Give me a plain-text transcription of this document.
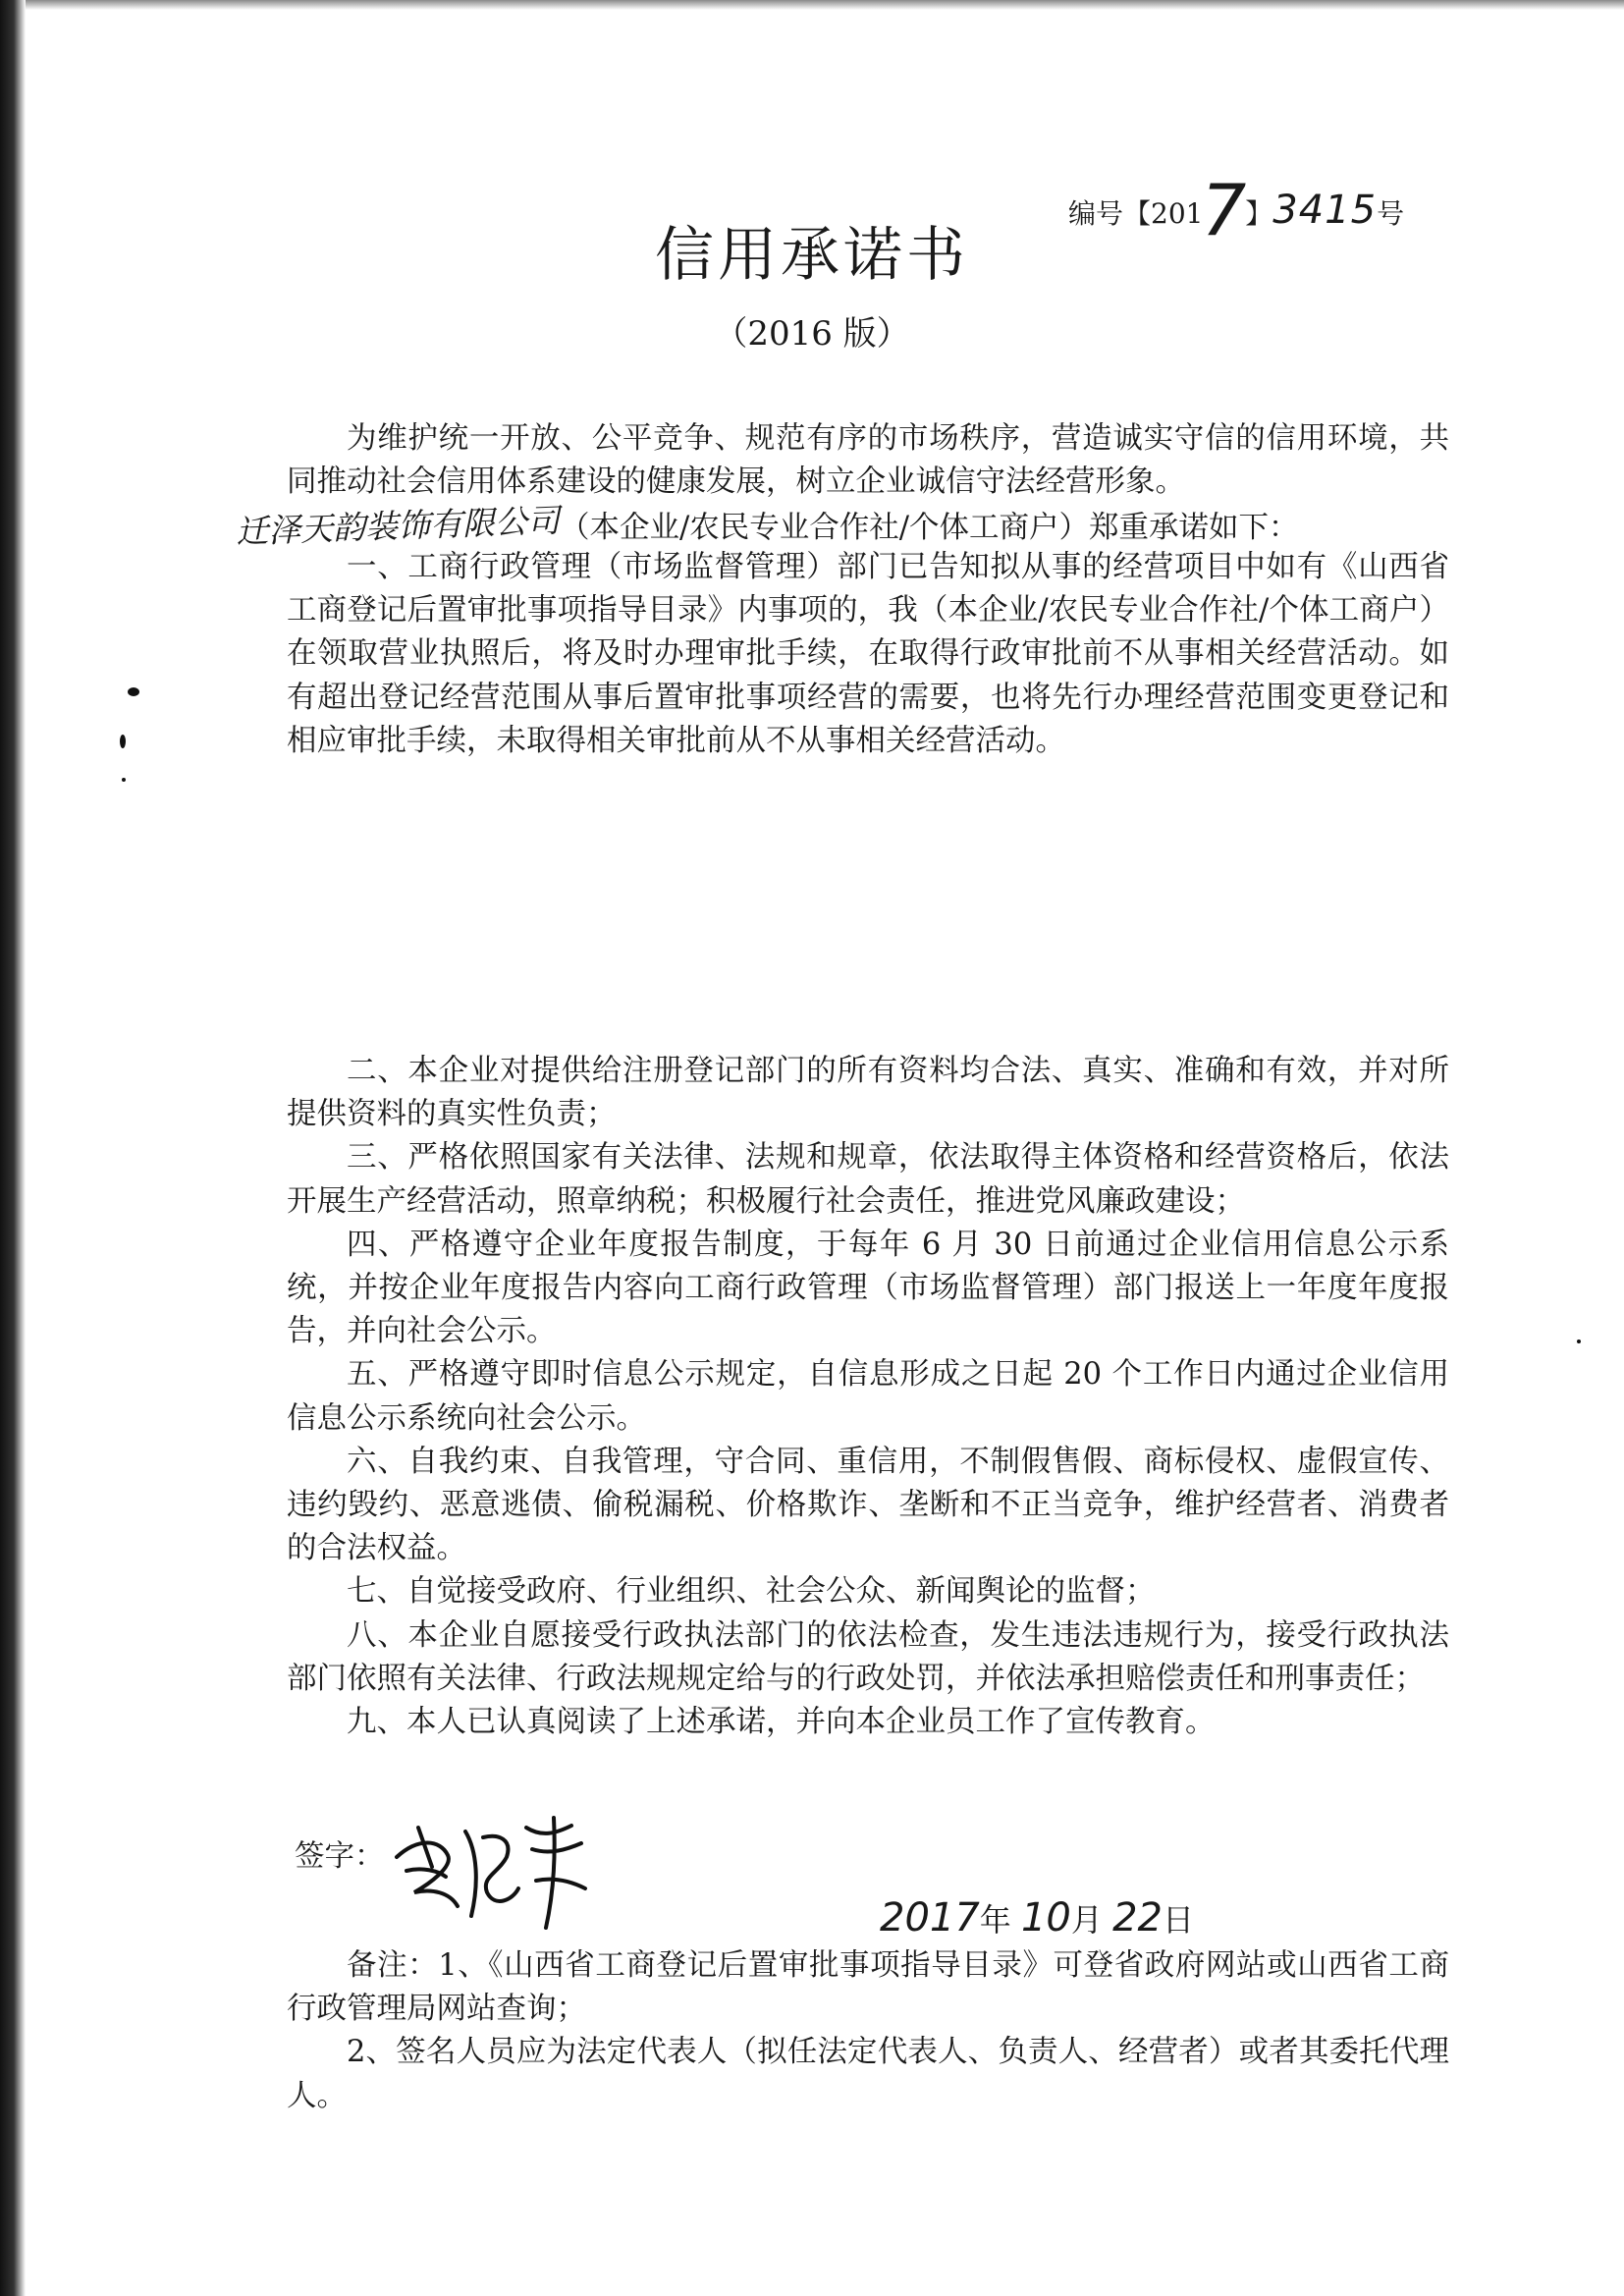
编号【2017】3415号
信用承诺书
（2016 版）

为维护统一开放、公平竞争、规范有序的市场秩序，营造诚实守信的信用环境，共同推动社会信用体系建设的健康发展，树立企业诚信守法经营形象。

迁泽天韵装饰有限公司（本企业/农民专业合作社/个体工商户）郑重承诺如下：

一、工商行政管理（市场监督管理）部门已告知拟从事的经营项目中如有《山西省工商登记后置审批事项指导目录》内事项的，我（本企业/农民专业合作社/个体工商户）在领取营业执照后，将及时办理审批手续，在取得行政审批前不从事相关经营活动。如有超出登记经营范围从事后置审批事项经营的需要，也将先行办理经营范围变更登记和相应审批手续，未取得相关审批前从不从事相关经营活动。

二、本企业对提供给注册登记部门的所有资料均合法、真实、准确和有效，并对所提供资料的真实性负责；

三、严格依照国家有关法律、法规和规章，依法取得主体资格和经营资格后，依法开展生产经营活动，照章纳税；积极履行社会责任，推进党风廉政建设；

四、严格遵守企业年度报告制度，于每年 6 月 30 日前通过企业信用信息公示系统，并按企业年度报告内容向工商行政管理（市场监督管理）部门报送上一年度年度报告，并向社会公示。

五、严格遵守即时信息公示规定，自信息形成之日起 20 个工作日内通过企业信用信息公示系统向社会公示。

六、自我约束、自我管理，守合同、重信用，不制假售假、商标侵权、虚假宣传、违约毁约、恶意逃债、偷税漏税、价格欺诈、垄断和不正当竞争，维护经营者、消费者的合法权益。

七、自觉接受政府、行业组织、社会公众、新闻舆论的监督；

八、本企业自愿接受行政执法部门的依法检查，发生违法违规行为，接受行政执法部门依照有关法律、行政法规规定给与的行政处罚，并依法承担赔偿责任和刑事责任；

九、本人已认真阅读了上述承诺，并向本企业员工作了宣传教育。

签字：
2017年 10月 22日

备注：1、《山西省工商登记后置审批事项指导目录》可登省政府网站或山西省工商行政管理局网站查询；

2、签名人员应为法定代表人（拟任法定代表人、负责人、经营者）或者其委托代理人。
